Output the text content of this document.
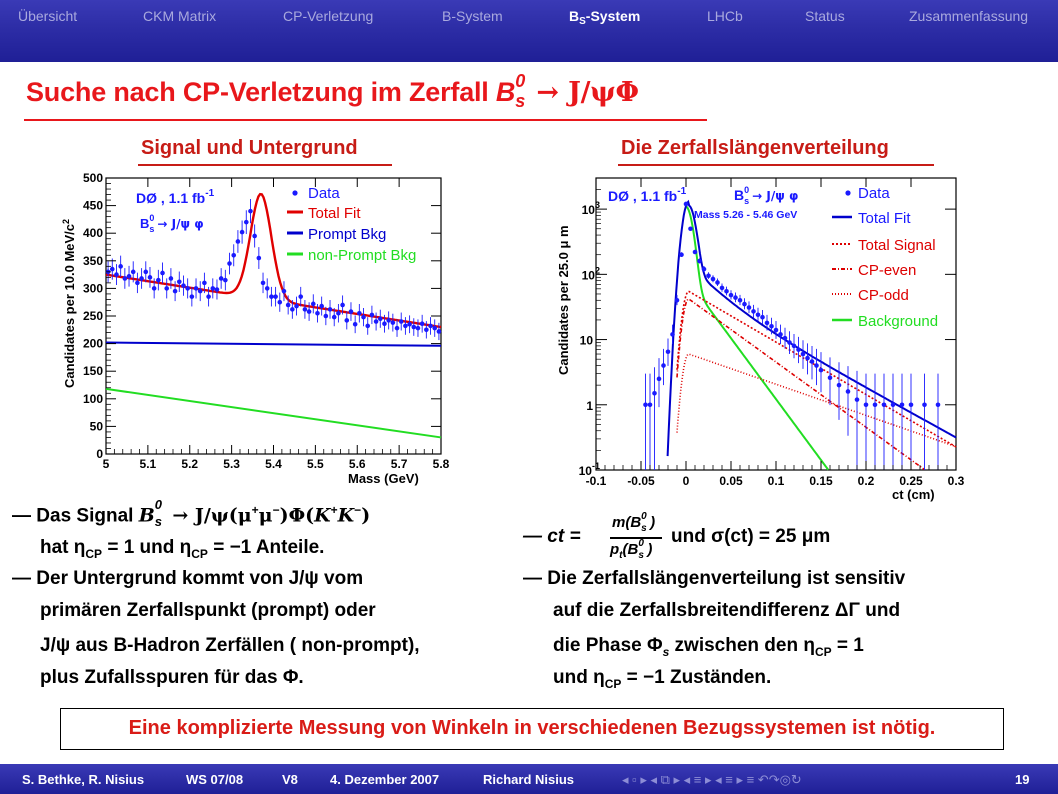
Übersicht	CKM Matrix	CP-Verletzung	B-System	$B_S$-System	LHCb	Status	Zusammenfassung
Suche nach CP-Verletzung im Zerfall B 0
s → J/ψΦ
Signal und Untergrund	Die Zerfallslängenverteilung
5	5.1 5.2 5.3 5.4 5.5 5.6 5.7 5.8
0
50
100
150
200
250
300
350
400
450
500
Candidates per 10.0 MeV/$c^2$
Mass (GeV)
DØ , 1.1 $fb^{-1}$
$B^0$ s → J/ψ φ
Data
Total Fit
Prompt Bkg
non-Prompt Bkg
-0.1 -0.05 0 0.05 0.1 0.15 0.2 0.25 0.3
$10^{-1}$
1
10
$10^2$
$10^3$
Candidates per 25.0 μ m
ct (cm)
DØ , 1.1 $fb^{-1}$	$B^0$ s → J/ψ φ
Mass 5.26 - 5.46 GeV
Data
Total Fit
Total Signal
CP-even
CP-odd
Background
— Das Signal B 0
s → J/ψ(μ+μ−)Φ(K+K−)
hat $\eta_{CP} = 1$ und $\eta_{CP} = -1$ Anteile.
— Der Untergrund kommt von J/ψ vom
primären Zerfallspunkt (prompt) oder
J/ψ aus B-Hadron Zerfällen ( non-prompt),
plus Zufallsspuren für das Φ.
— ct =
m(B 0
s )
$p_t(B$ 0
s )
und σ(ct) = 25 μm
— Die Zerfallslängenverteilung ist sensitiv
auf die Zerfallsbreitendifferenz ΔΓ und
die Phase $\Phi_s$ zwischen den $\eta_{CP} = 1$
und $\eta_{CP} = -1$ Zuständen.
Eine komplizierte Messung von Winkeln in verschiedenen Bezugssystemen ist nötig.
S. Bethke, R. Nisius	WS 07/08	V8 4. Dezember 2007	Richard Nisius	◂ ▫ ▸ ◂ ⧉ ▸ ◂ ≡ ▸ ◂ ≡ ▸ ≡ ↶↷◎↻	19
